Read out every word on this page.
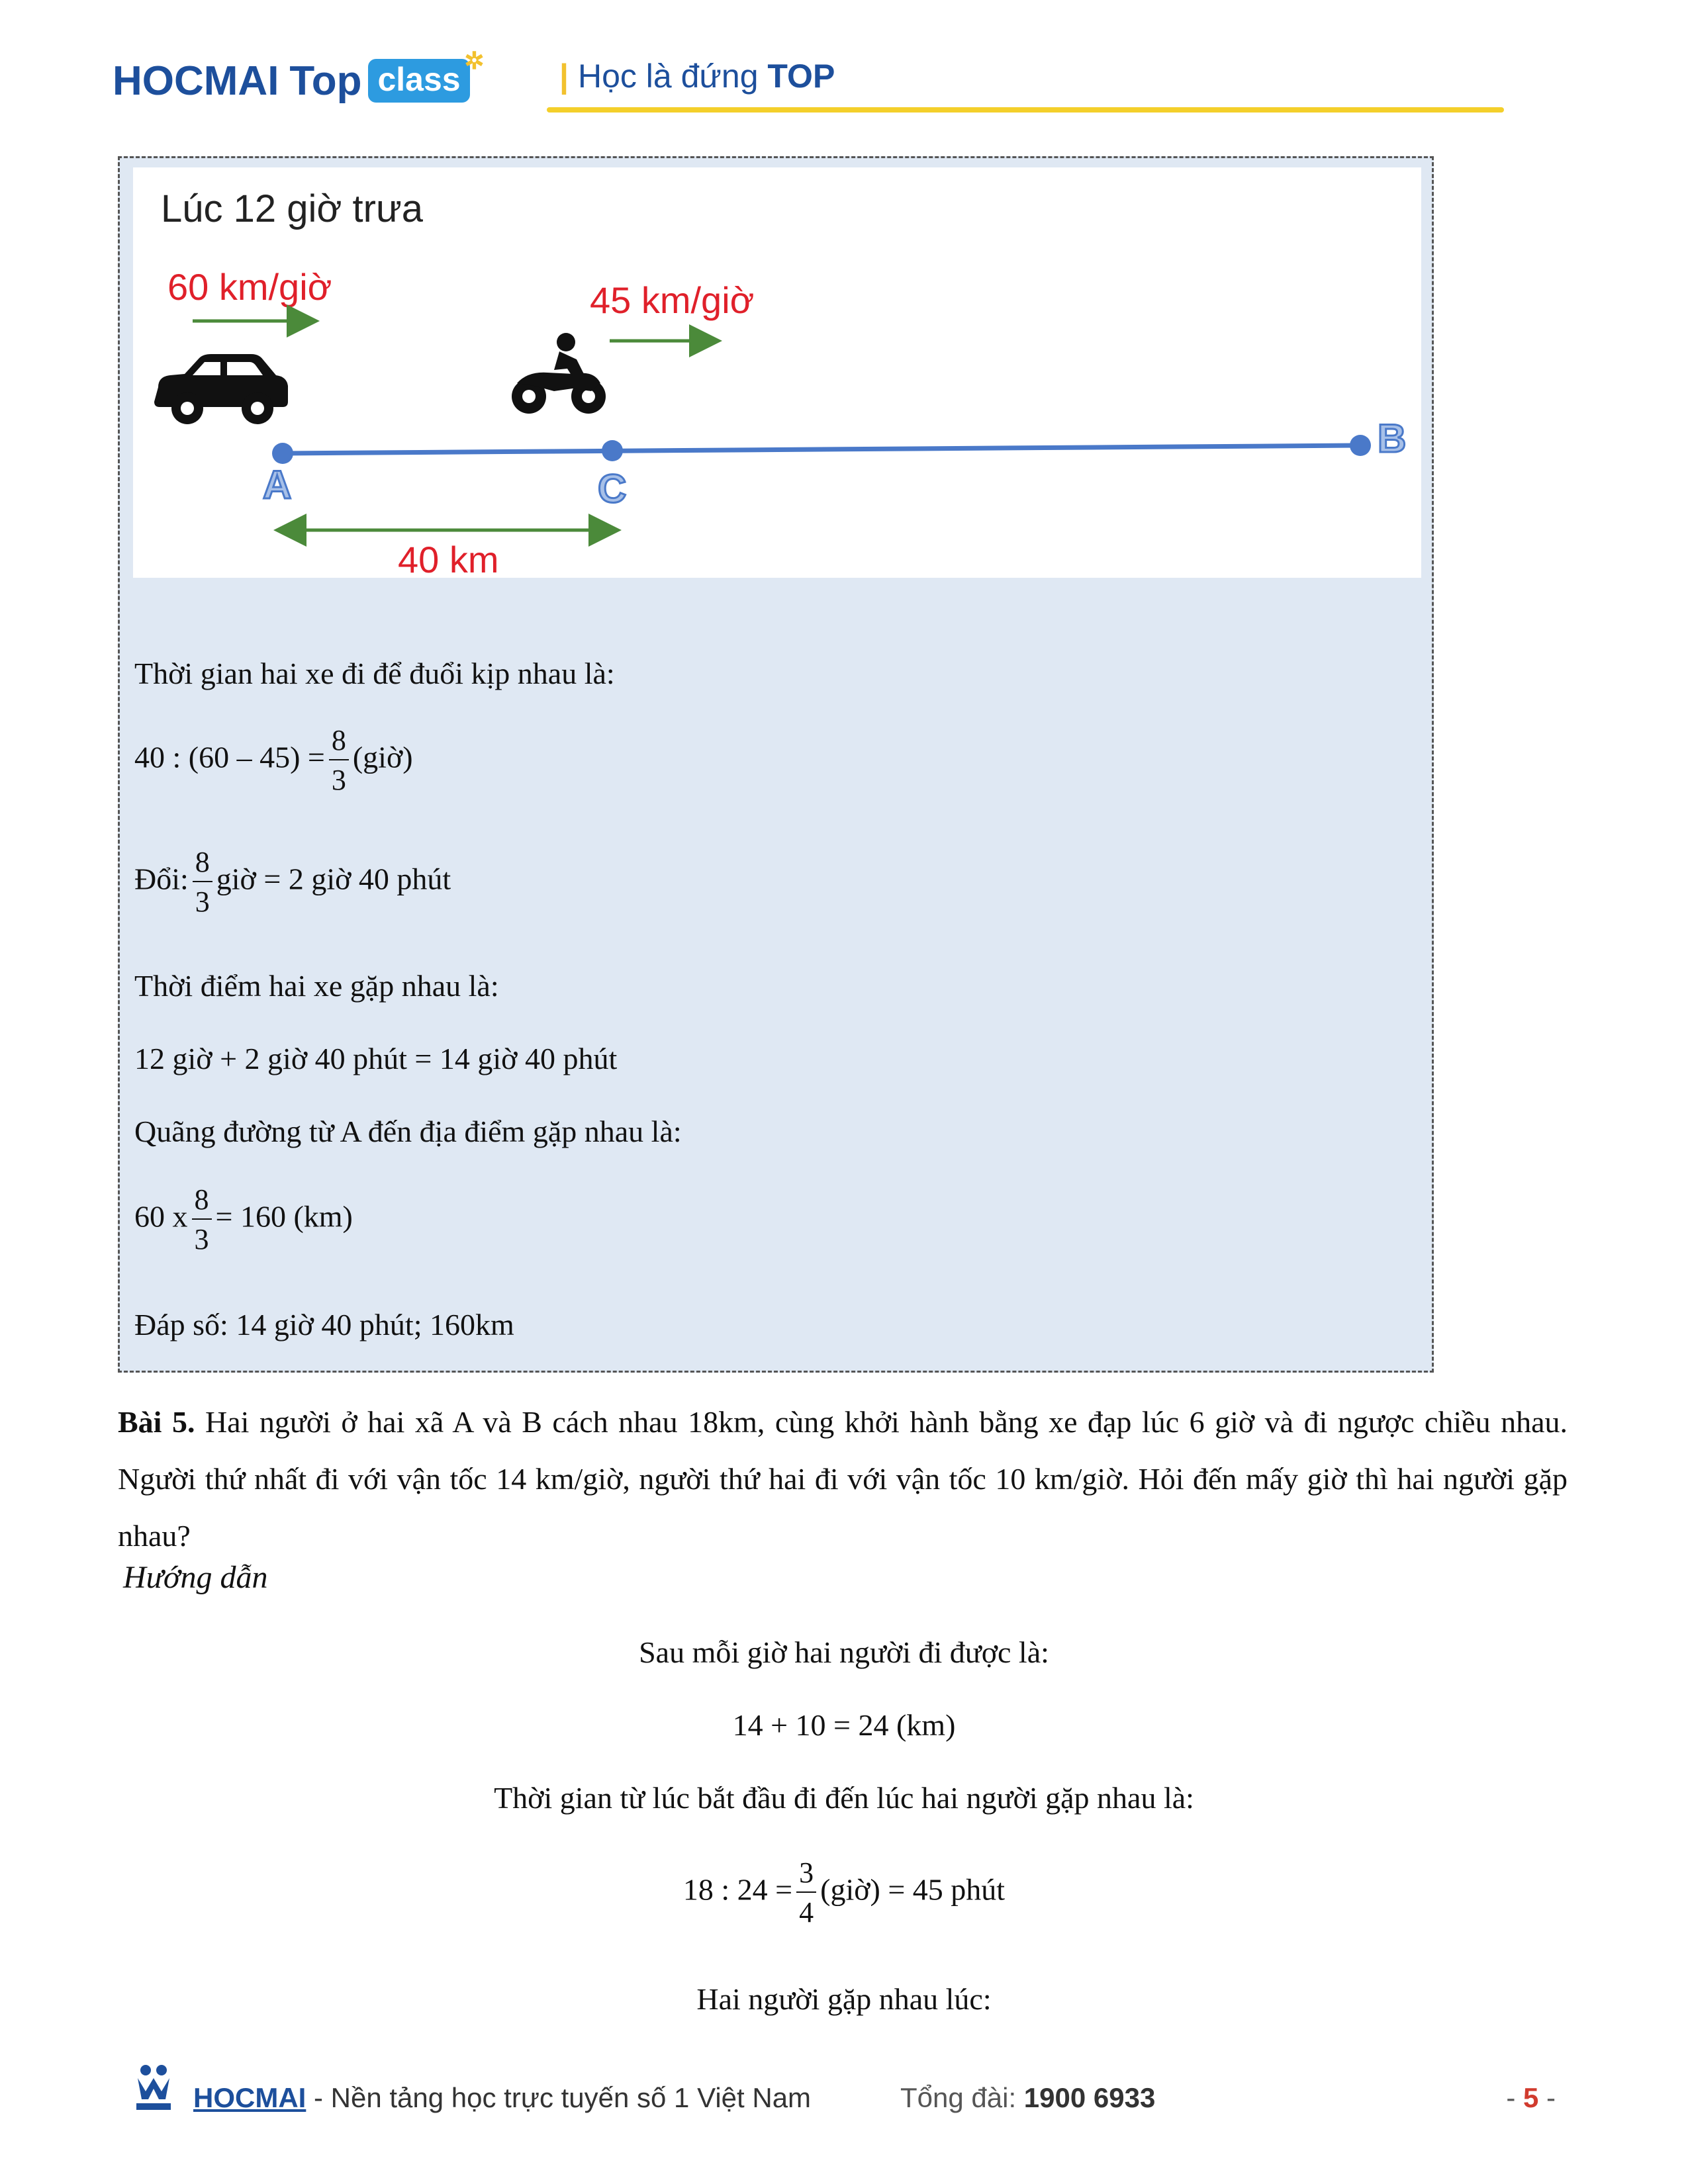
HOCMAI Top class
✲ | Học là đứng TOP
Lúc 12 giờ trưa
60 km/giờ	45 km/giờ
A	C
B
40 km
Thời gian hai xe đi để đuổi kịp nhau là:
40 : $(60 - 45) = \frac{8}{3}$ (giờ)
Đổi: $\frac{8}{3}$ giờ = 2 giờ 40 phút
Thời điểm hai xe gặp nhau là:
12 giờ + 2 giờ 40 phút = 14 giờ 40 phút
Quãng đường từ A đến địa điểm gặp nhau là:
60 x $\frac{8}{3} = 160$ (km)
Đáp số: 14 giờ 40 phút; 160km
Bài 5. Hai người ở hai xã A và B cách nhau 18km, cùng khởi hành bằng xe đạp lúc 6 giờ và đi ngược chiều nhau. Người thứ nhất đi với vận tốc 14 km/giờ, người thứ hai đi với vận tốc 10 km/giờ. Hỏi đến mấy giờ thì hai người gặp nhau?
Hướng dẫn
Sau mỗi giờ hai người đi được là:
14 + 10 = 24 (km)
Thời gian từ lúc bắt đầu đi đến lúc hai người gặp nhau là:
18 : $24 = \frac{3}{4}$ (giờ) = 45 phút
Hai người gặp nhau lúc:
HOCMAI - Nền tảng học trực tuyến số 1 Việt Nam	Tổng đài: 1900 6933	- 5 -
